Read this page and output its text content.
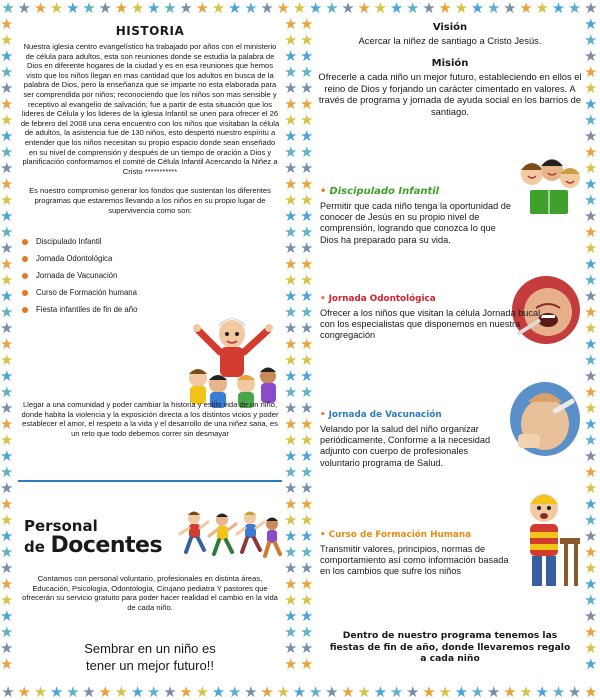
★ ★ ★ ★ ★ ★ ★ ★ ★ ★ ★ ★ ★ ★ ★ ★ ★ ★ ★ ★ ★ ★ ★ ★ ★ ★ ★ ★ ★ ★ ★ ★ ★ ★ ★ ★ ★
★ ★ ★ ★ ★ ★ ★ ★ ★ ★ ★ ★ ★ ★ ★ ★ ★ ★ ★ ★ ★ ★ ★ ★ ★ ★ ★ ★ ★ ★ ★ ★ ★ ★ ★ ★ ★
★
★
★
★
★
★
★
★
★
★
★
★
★
★
★
★
★
★
★
★
★
★
★
★
★
★
★
★
★
★
★
★
★
★
★
★
★
★
★
★
★
★
★
★
★
★
★
★
★
★
★
★
★
★
★
★
★
★
★
★
★
★
★
★
★
★
★
★
★
★
★
★
★
★
★
★
★
★
★
★
★
★
★
★
★
★
★
★
★
★
★
★
★
★
★
★
★
★
★
★
★
★
★
★
★
★
★
★
★
★
★
★
★
★
★
★
★
★
★
★
★
★
★
★
★
★
★
★
★
★
★
★
★
★
★
★
★
★
★
★
★
★
★
★
★
★
★
★
★
★
★
★
★
★
★
★
★
★
★
★
★
★
★
★
HISTORIA
Nuestra iglesia centro evangelístico ha trabajado por años con el ministerio de célula para adultos, esta son reuniones donde se estudia la palabra de Dios en diferente hogares de la ciudad y es en esa reuniones que hemos visto que los niños llegan en mas cantidad que los adultos en busca de la palabra de Dios, pero la enseñanza que se imparte no esta elaborada para ser comprendida por niños; reconociendo que los niños son mas sensible y receptivo al evangelio de salvación; fue a partir de esta situación que los lideres de Célula y los lideres de la iglesia Infantil se unen para ofrecer el 26 de febrero del 2008 una cena encuentro con los niños que visitaban la célula de adultos, la asistencia fue de 130 niños, esto despertó nuestro espíritu a entender que los niños necesitan su propio espacio donde sean enseñado en su nivel de comprensión y después de un tiempo de oración a Dios y planificación conformamos el comité de Célula Infantil Acercando la Niñez a Cristo ***********
Es nuestro compromiso generar los fondos que sustentan los diferentes programas que estaremos llevando a los niños en su propio lugar de supervivencia como son:
Discipulado Infantil
Jornada Odontológica
Jornada de Vacunación
Curso de Formación humana
Fiesta infantiles de fin de año
Llegar a una comunidad y poder cambiar la historia y estilo vida de un niño, donde habita la violencia y la exposición directa a los distintos vicios y poder establecer el amor, el respeto a la vida y el desarrollo de una niñez sana, es un reto que todo debemos correr sin desmayar
Personal
de Docentes
Contamos con personal voluntario, profesionales en distinta áreas, Educación, Psicología, Odontología, Cirujano pediatra Y pastores que ofrecerán su servicio gratuito para poder hacer realidad el cambio en la vida de cada niño.
Sembrar en un niño es
tener un mejor futuro!!
Visión
Acercar la niñez de santiago a Cristo Jesús.
Misión
Ofrecerle a cada niño un mejor futuro, estableciendo en ellos el reino de Dios y forjando un carácter cimentado en valores. A través de programa y jornada de ayuda social en los barrios de santiago.
• Discipulado Infantil
Permitir que cada niño tenga la oportunidad de conocer de Jesús en su propio nivel de comprensión, logrando que conozca lo que Dios ha preparado para su vida.
• Jornada Odontológica
Ofrecer a los niños que visitan la célula Jornada bucal, con los especialistas que disponemos en nuestra congregación
• Jornada de Vacunación
Velando por la salud del niño organizar periódicamente, Conforme a la necesidad adjunto con cuerpo de profesionales voluntario programa de Salud.
• Curso de Formación Humana
Transmitir valores, principios, normas de comportamiento así como información basada en los cambios que sufre los niños
Dentro de nuestro programa tenemos las fiestas de fin de año, donde llevaremos regalo a cada niño
